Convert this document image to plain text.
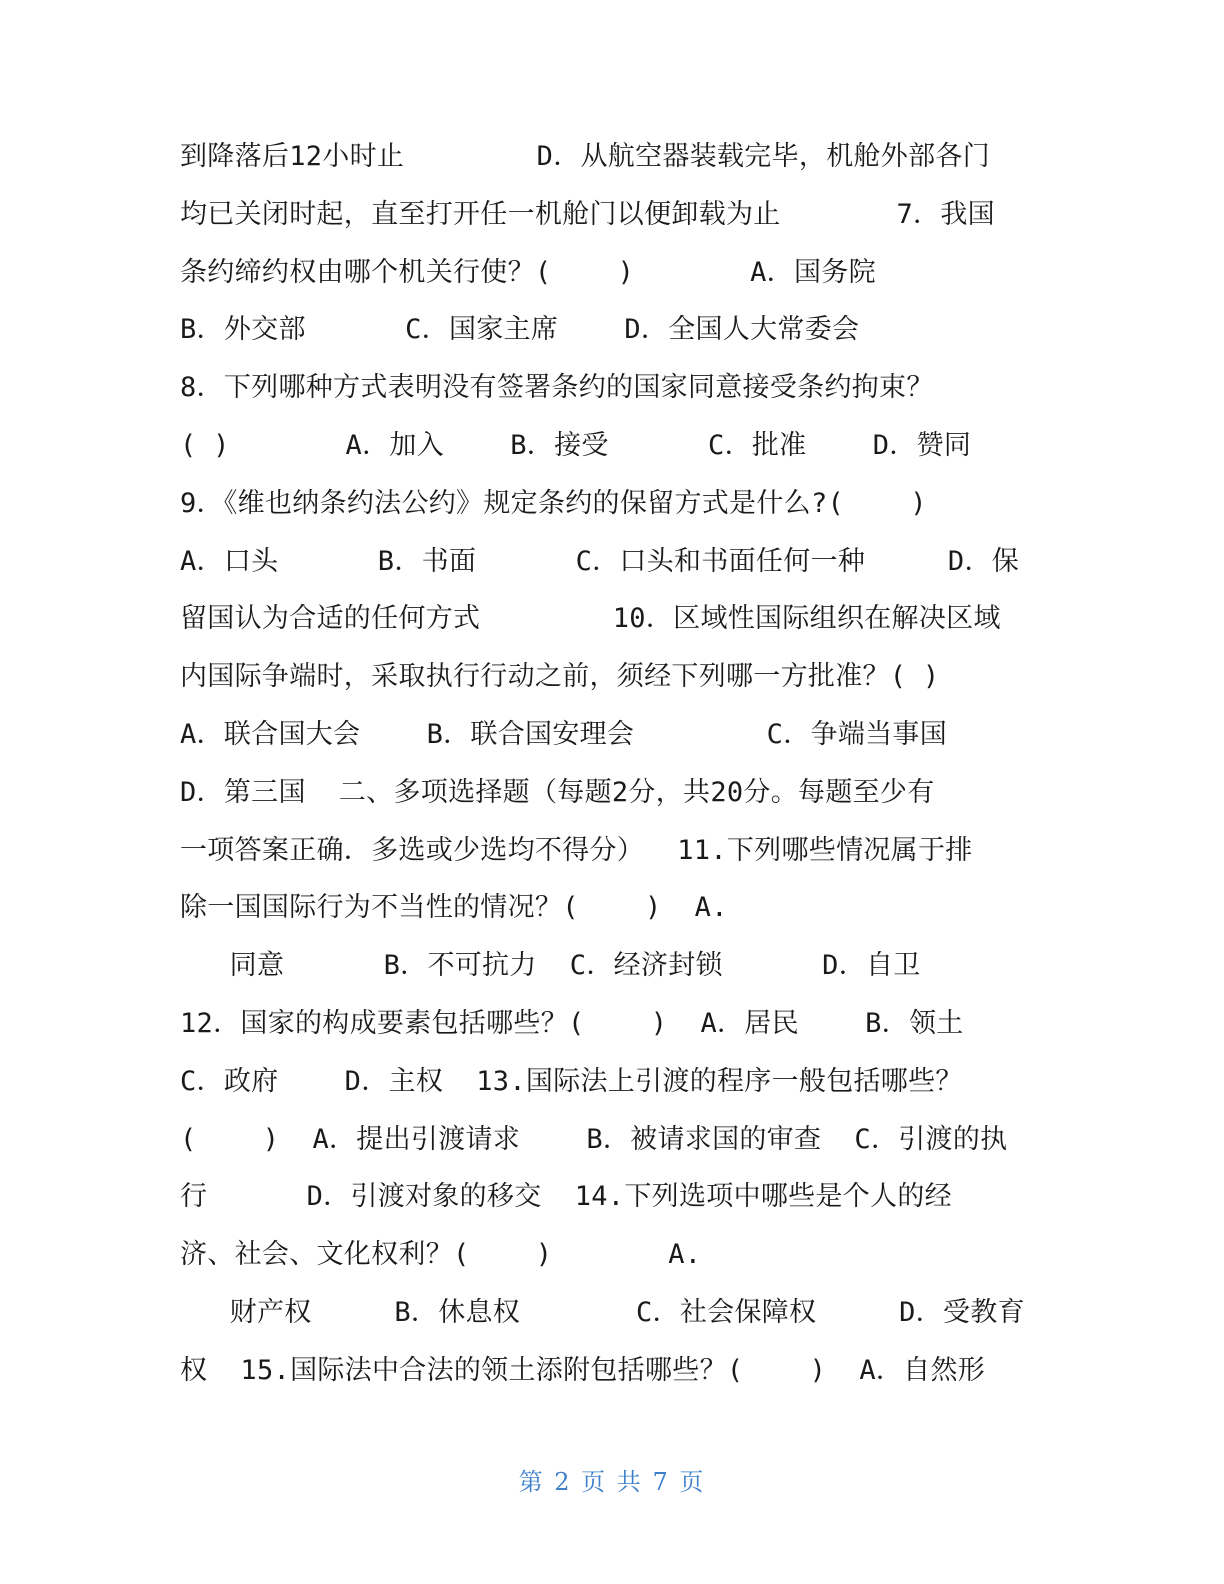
到降落后12小时止        D．从航空器装载完毕，机舱外部各门
均已关闭时起，直至打开任一机舱门以便卸载为止       7．我国
条约缔约权由哪个机关行使？(    )       A．国务院
B．外交部      C．国家主席    D．全国人大常委会
8．下列哪种方式表明没有签署条约的国家同意接受条约拘束？
( )       A．加入    B．接受      C．批准    D．赞同
9．《维也纳条约法公约》规定条约的保留方式是什么?(    )
A．口头      B．书面      C．口头和书面任何一种     D．保
留国认为合适的任何方式        10．区域性国际组织在解决区域
内国际争端时，采取执行行动之前，须经下列哪一方批准？( )
A．联合国大会    B．联合国安理会        C．争端当事国
D．第三国  二、多项选择题（每题2分，共20分。每题至少有
一项答案正确．多选或少选均不得分）  11.下列哪些情况属于排
除一国国际行为不当性的情况？(    )  A.
同意      B．不可抗力  C．经济封锁      D．自卫
12．国家的构成要素包括哪些？(    )  A．居民    B．领土
C．政府    D．主权  13.国际法上引渡的程序一般包括哪些？
(    )  A．提出引渡请求    B．被请求国的审查  C．引渡的执
行      D．引渡对象的移交  14.下列选项中哪些是个人的经
济、社会、文化权利？(    )       A.
财产权     B．休息权       C．社会保障权     D．受教育
权  15.国际法中合法的领土添附包括哪些？(    )  A．自然形
第 2 页 共 7 页
